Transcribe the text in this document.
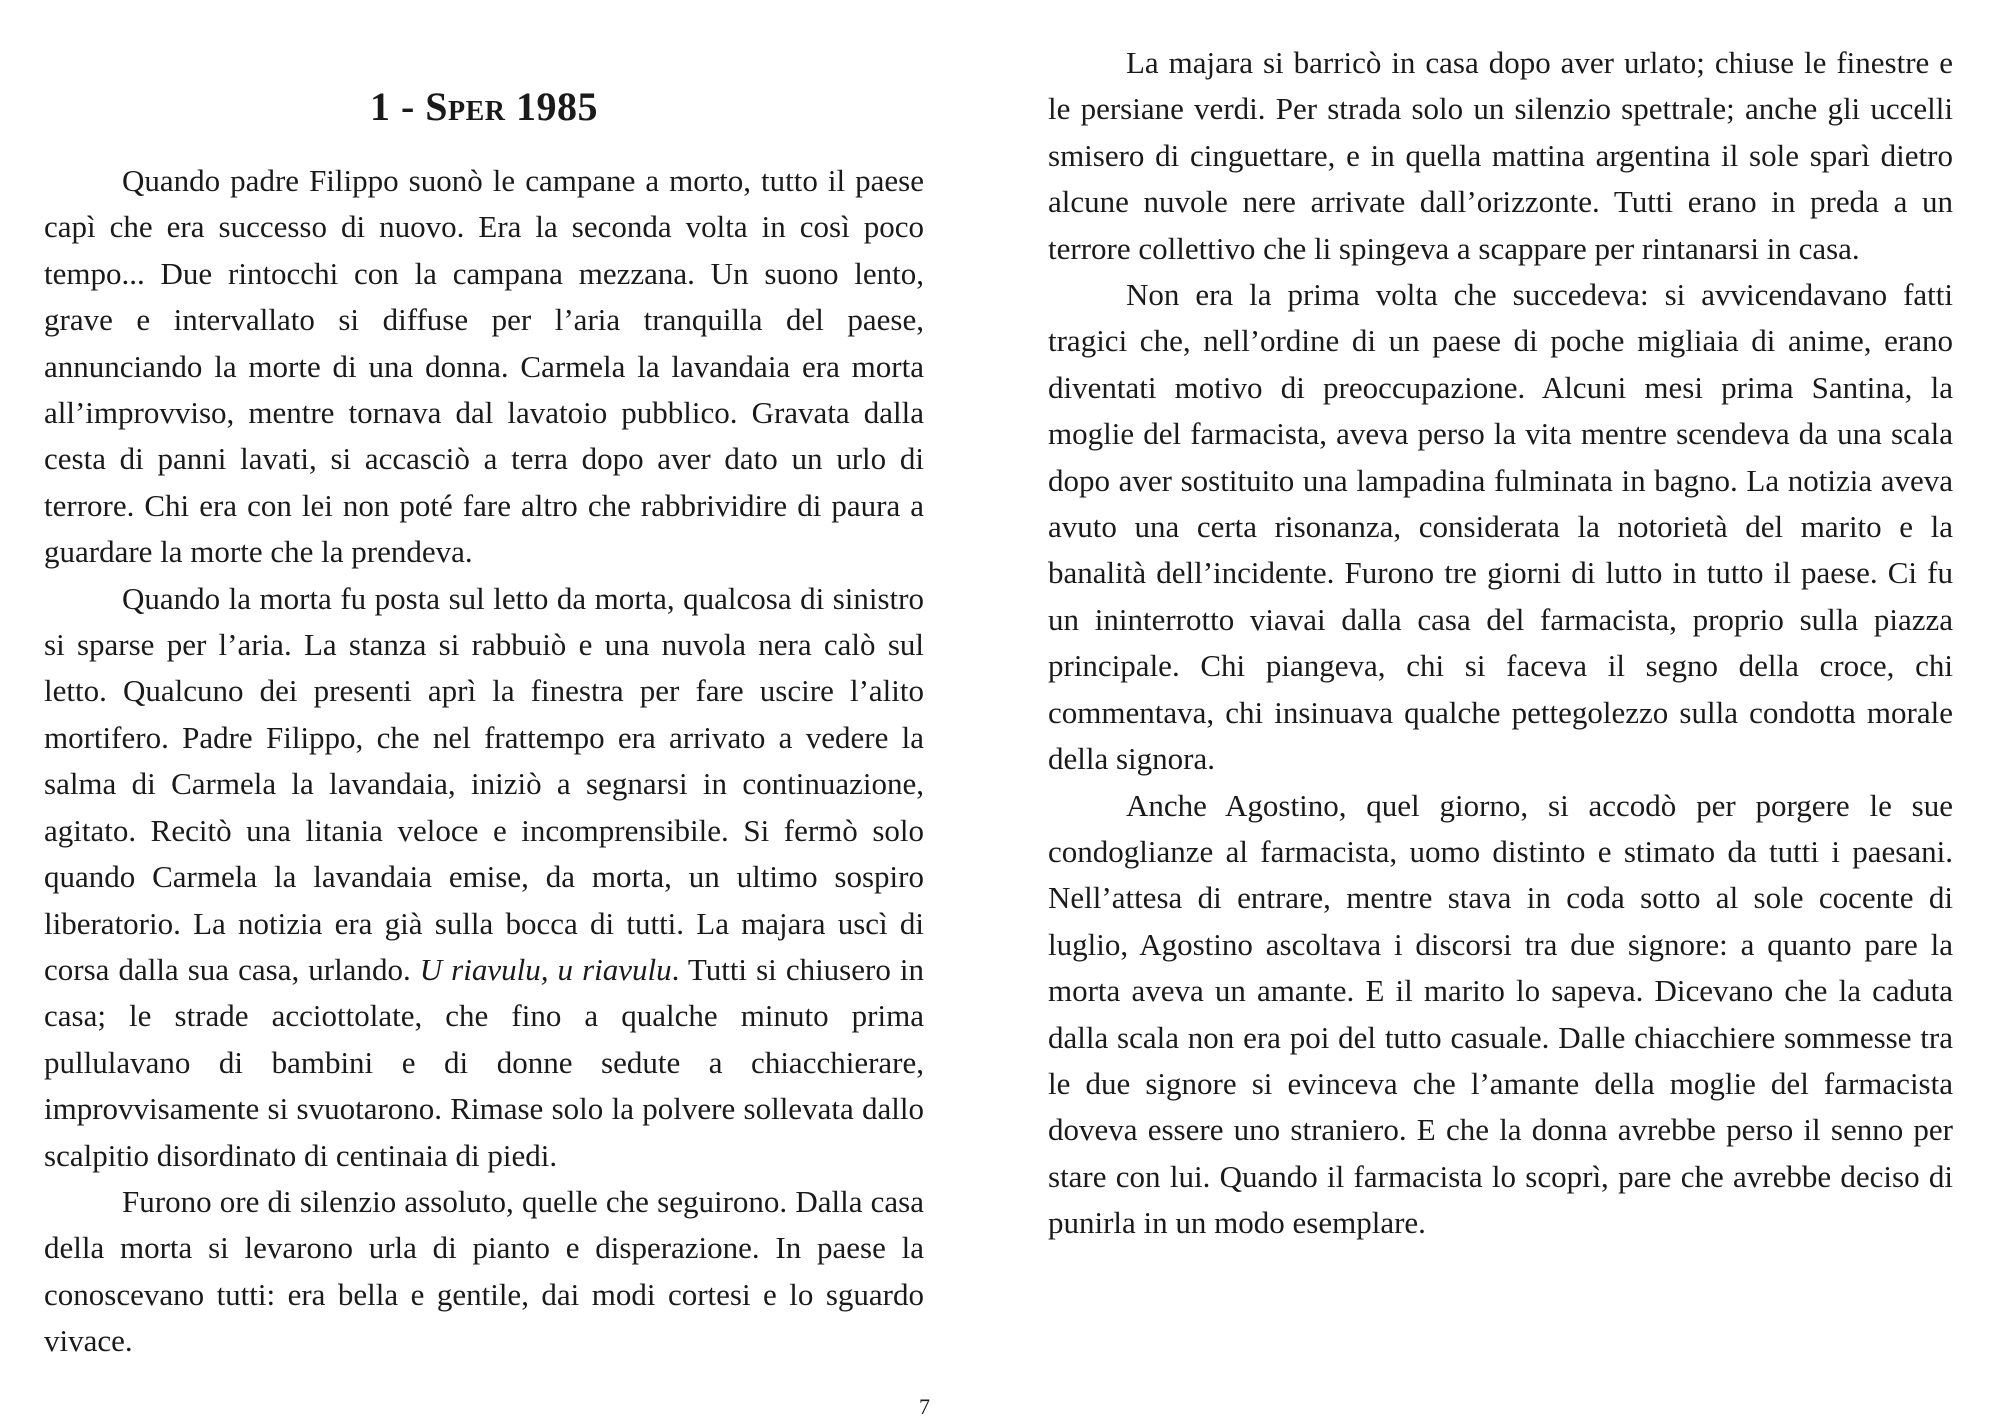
1 - Sper 1985

Quando padre Filippo suonò le campane a morto, tutto il paese capì che era successo di nuovo. Era la seconda volta in così poco tempo... Due rintocchi con la campana mezzana. Un suono lento, grave e intervallato si diffuse per l’aria tranquilla del paese, annunciando la morte di una donna. Carmela la lavandaia era morta all’improvviso, mentre tornava dal lavatoio pubblico. Gravata dalla cesta di panni lavati, si accasciò a terra dopo aver dato un urlo di terrore. Chi era con lei non poté fare altro che rabbrividire di paura a guardare la morte che la prendeva.

Quando la morta fu posta sul letto da morta, qualcosa di sinistro si sparse per l’aria. La stanza si rabbuiò e una nuvola nera calò sul letto. Qualcuno dei presenti aprì la finestra per fare uscire l’alito mortifero. Padre Filippo, che nel frattempo era arrivato a vedere la salma di Carmela la lavandaia, iniziò a segnarsi in continuazione, agitato. Recitò una litania veloce e incomprensibile. Si fermò solo quando Carmela la lavandaia emise, da morta, un ultimo sospiro liberatorio. La notizia era già sulla bocca di tutti. La majara uscì di corsa dalla sua casa, urlando. U riavulu, u riavulu. Tutti si chiusero in casa; le strade acciottolate, che fino a qualche minuto prima pullulavano di bambini e di donne sedute a chiacchierare, improvvisamente si svuotarono. Rimase solo la polvere sollevata dallo scalpitio disordinato di centinaia di piedi.

Furono ore di silenzio assoluto, quelle che seguirono. Dalla casa della morta si levarono urla di pianto e disperazione. In paese la conoscevano tutti: era bella e gentile, dai modi cortesi e lo sguardo vivace.

7

La majara si barricò in casa dopo aver urlato; chiuse le finestre e le persiane verdi. Per strada solo un silenzio spettrale; anche gli uccelli smisero di cinguettare, e in quella mattina argentina il sole sparì dietro alcune nuvole nere arrivate dall’orizzonte. Tutti erano in preda a un terrore collettivo che li spingeva a scappare per rintanarsi in casa.

Non era la prima volta che succedeva: si avvicendavano fatti tragici che, nell’ordine di un paese di poche migliaia di anime, erano diventati motivo di preoccupazione. Alcuni mesi prima Santina, la moglie del farmacista, aveva perso la vita mentre scendeva da una scala dopo aver sostituito una lampadina fulminata in bagno. La notizia aveva avuto una certa risonanza, considerata la notorietà del marito e la banalità dell’incidente. Furono tre giorni di lutto in tutto il paese. Ci fu un ininterrotto viavai dalla casa del farmacista, proprio sulla piazza principale. Chi piangeva, chi si faceva il segno della croce, chi commentava, chi insinuava qualche pettegolezzo sulla condotta morale della signora.

Anche Agostino, quel giorno, si accodò per porgere le sue condoglianze al farmacista, uomo distinto e stimato da tutti i paesani. Nell’attesa di entrare, mentre stava in coda sotto al sole cocente di luglio, Agostino ascoltava i discorsi tra due signore: a quanto pare la morta aveva un amante. E il marito lo sapeva. Dicevano che la caduta dalla scala non era poi del tutto casuale. Dalle chiacchiere sommesse tra le due signore si evinceva che l’amante della moglie del farmacista doveva essere uno straniero. E che la donna avrebbe perso il senno per stare con lui. Quando il farmacista lo scoprì, pare che avrebbe deciso di punirla in un modo esemplare.
